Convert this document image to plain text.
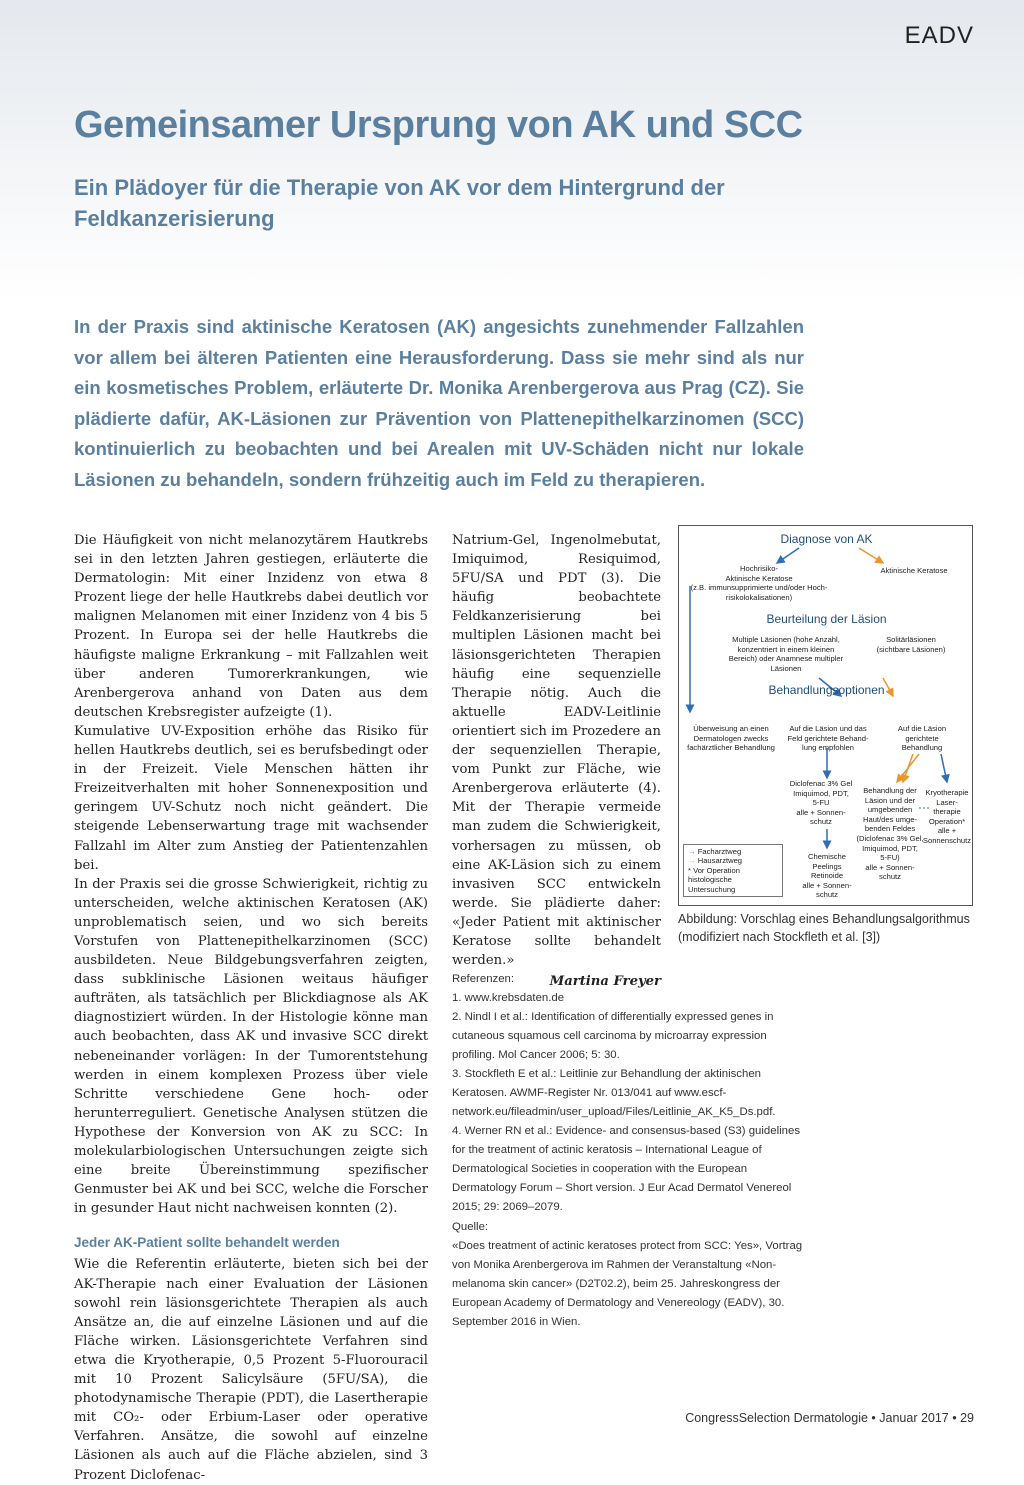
EADV
Gemeinsamer Ursprung von AK und SCC
Ein Plädoyer für die Therapie von AK vor dem Hintergrund der Feldkanzerisierung

In der Praxis sind aktinische Keratosen (AK) angesichts zunehmender Fallzahlen vor allem bei älteren Patienten eine Herausforderung. Dass sie mehr sind als nur ein kosmetisches Problem, erläuterte Dr. Monika Arenbergerova aus Prag (CZ). Sie plädierte dafür, AK-Läsionen zur Prävention von Plattenepithelkarzinomen (SCC) kontinuierlich zu beobachten und bei Arealen mit UV-Schäden nicht nur lokale Läsionen zu behandeln, sondern frühzeitig auch im Feld zu therapieren.

Die Häufigkeit von nicht melanozytärem Hautkrebs sei in den letzten Jahren gestiegen, erläuterte die Dermatologin: Mit einer Inzidenz von etwa 8 Prozent liege der helle Hautkrebs dabei deutlich vor malignen Melanomen mit einer Inzidenz von 4 bis 5 Prozent. In Europa sei der helle Hautkrebs die häufigste maligne Erkrankung – mit Fallzahlen weit über anderen Tumorerkrankungen, wie Arenbergerova anhand von Daten aus dem deutschen Krebsregister aufzeigte (1).

Kumulative UV-Exposition erhöhe das Risiko für hellen Hautkrebs deutlich, sei es berufsbedingt oder in der Freizeit. Viele Menschen hätten ihr Freizeitverhalten mit hoher Sonnenexposition und geringem UV-Schutz noch nicht geändert. Die steigende Lebenserwartung trage mit wachsender Fallzahl im Alter zum Anstieg der Patientenzahlen bei.

In der Praxis sei die grosse Schwierigkeit, richtig zu unterscheiden, welche aktinischen Keratosen (AK) unproblematisch seien, und wo sich bereits Vorstufen von Plattenepithelkarzinomen (SCC) ausbildeten. Neue Bildgebungsverfahren zeigten, dass subklinische Läsionen weitaus häufiger aufträten, als tatsächlich per Blickdiagnose als AK diagnostiziert würden. In der Histologie könne man auch beobachten, dass AK und invasive SCC direkt nebeneinander vorlägen: In der Tumorentstehung werden in einem komplexen Prozess über viele Schritte verschiedene Gene hoch- oder herunterreguliert. Genetische Analysen stützen die Hypothese der Konversion von AK zu SCC: In molekularbiologischen Untersuchungen zeigte sich eine breite Übereinstimmung spezifischer Genmuster bei AK und bei SCC, welche die Forscher in gesunder Haut nicht nachweisen konnten (2).

Jeder AK-Patient sollte behandelt werden

Wie die Referentin erläuterte, bieten sich bei der AK-Therapie nach einer Evaluation der Läsionen sowohl rein läsionsgerichtete Therapien als auch Ansätze an, die auf einzelne Läsionen und auf die Fläche wirken. Läsionsgerichtete Verfahren sind etwa die Kryotherapie, 0,5 Prozent 5-Fluorouracil mit 10 Prozent Salicylsäure (5FU/SA), die photodynamische Therapie (PDT), die Lasertherapie mit CO₂- oder Erbium-Laser oder operative Verfahren. Ansätze, die sowohl auf einzelne Läsionen als auch auf die Fläche abzielen, sind 3 Prozent Diclofenac-

Natrium-Gel, Ingenolmebutat, Imiquimod, Resiquimod, 5FU/SA und PDT (3). Die häufig beobachtete Feldkanzerisierung bei multiplen Läsionen macht bei läsionsgerichteten Therapien häufig eine sequenzielle Therapie nötig. Auch die aktuelle EADV-Leitlinie orientiert sich im Prozedere an der sequenziellen Therapie, vom Punkt zur Fläche, wie Arenbergerova erläuterte (4). Mit der Therapie vermeide man zudem die Schwierigkeit, vorhersagen zu müssen, ob eine AK-Läsion sich zu einem invasiven SCC entwickeln werde. Sie plädierte daher: «Jeder Patient mit aktinischer Keratose sollte behandelt werden.»

Martina Freyer

Diagnose von AK
Hochrisiko-
Aktinische Keratose
(z.B. immunsupprimierte und/oder Hoch-
risikolokalisationen)
Aktinische Keratose
Beurteilung der Läsion
Multiple Läsionen (hohe Anzahl,
konzentriert in einem kleinen
Bereich) oder Anamnese multipler
Läsionen
Solitärläsionen
(sichtbare Läsionen)
Behandlungsoptionen
Überweisung an einen
Dermatologen zwecks
fachärztlicher Behandlung
Auf die Läsion und das
Feld gerichtete Behand-
lung empfohlen
Auf die Läsion
gerichtete
Behandlung
Diclofenac 3% Gel
Imiquimod, PDT,
5-FU
alle + Sonnen-
schutz
Behandlung der
Läsion und der
umgebenden
Haut/des umge-
benden Feldes
(Diclofenac 3% Gel,
Imiquimod, PDT,
5-FU)
alle + Sonnen-
schutz
Kryotherapie
Laser-
therapie
Operation*
alle +
Sonnenschutz
Chemische
Peelings
Retinoide
alle + Sonnen-
schutz
→ Facharztweg
→ Hausarztweg
* Vor Operation histologische Untersuchung
Abbildung: Vorschlag eines Behandlungsalgorithmus (modifiziert nach Stockfleth et al. [3])
Referenzen:
1. www.krebsdaten.de
2. Nindl I et al.: Identification of differentially expressed genes in cutaneous squamous cell carcinoma by microarray expression profiling. Mol Cancer 2006; 5: 30.
3. Stockfleth E et al.: Leitlinie zur Behandlung der aktinischen Keratosen. AWMF-Register Nr. 013/041 auf www.escf-network.eu/fileadmin/user_upload/Files/Leitlinie_AK_K5_Ds.pdf.
4. Werner RN et al.: Evidence- and consensus-based (S3) guidelines for the treatment of actinic keratosis – International League of Dermatological Societies in cooperation with the European Dermatology Forum – Short version. J Eur Acad Dermatol Venereol 2015; 29: 2069–2079.
Quelle:
«Does treatment of actinic keratoses protect from SCC: Yes», Vortrag von Monika Arenbergerova im Rahmen der Veranstaltung «Non-melanoma skin cancer» (D2T02.2), beim 25. Jahreskongress der European Academy of Dermatology and Venereology (EADV), 30. September 2016 in Wien.
CongressSelection Dermatologie • Januar 2017 • 29
